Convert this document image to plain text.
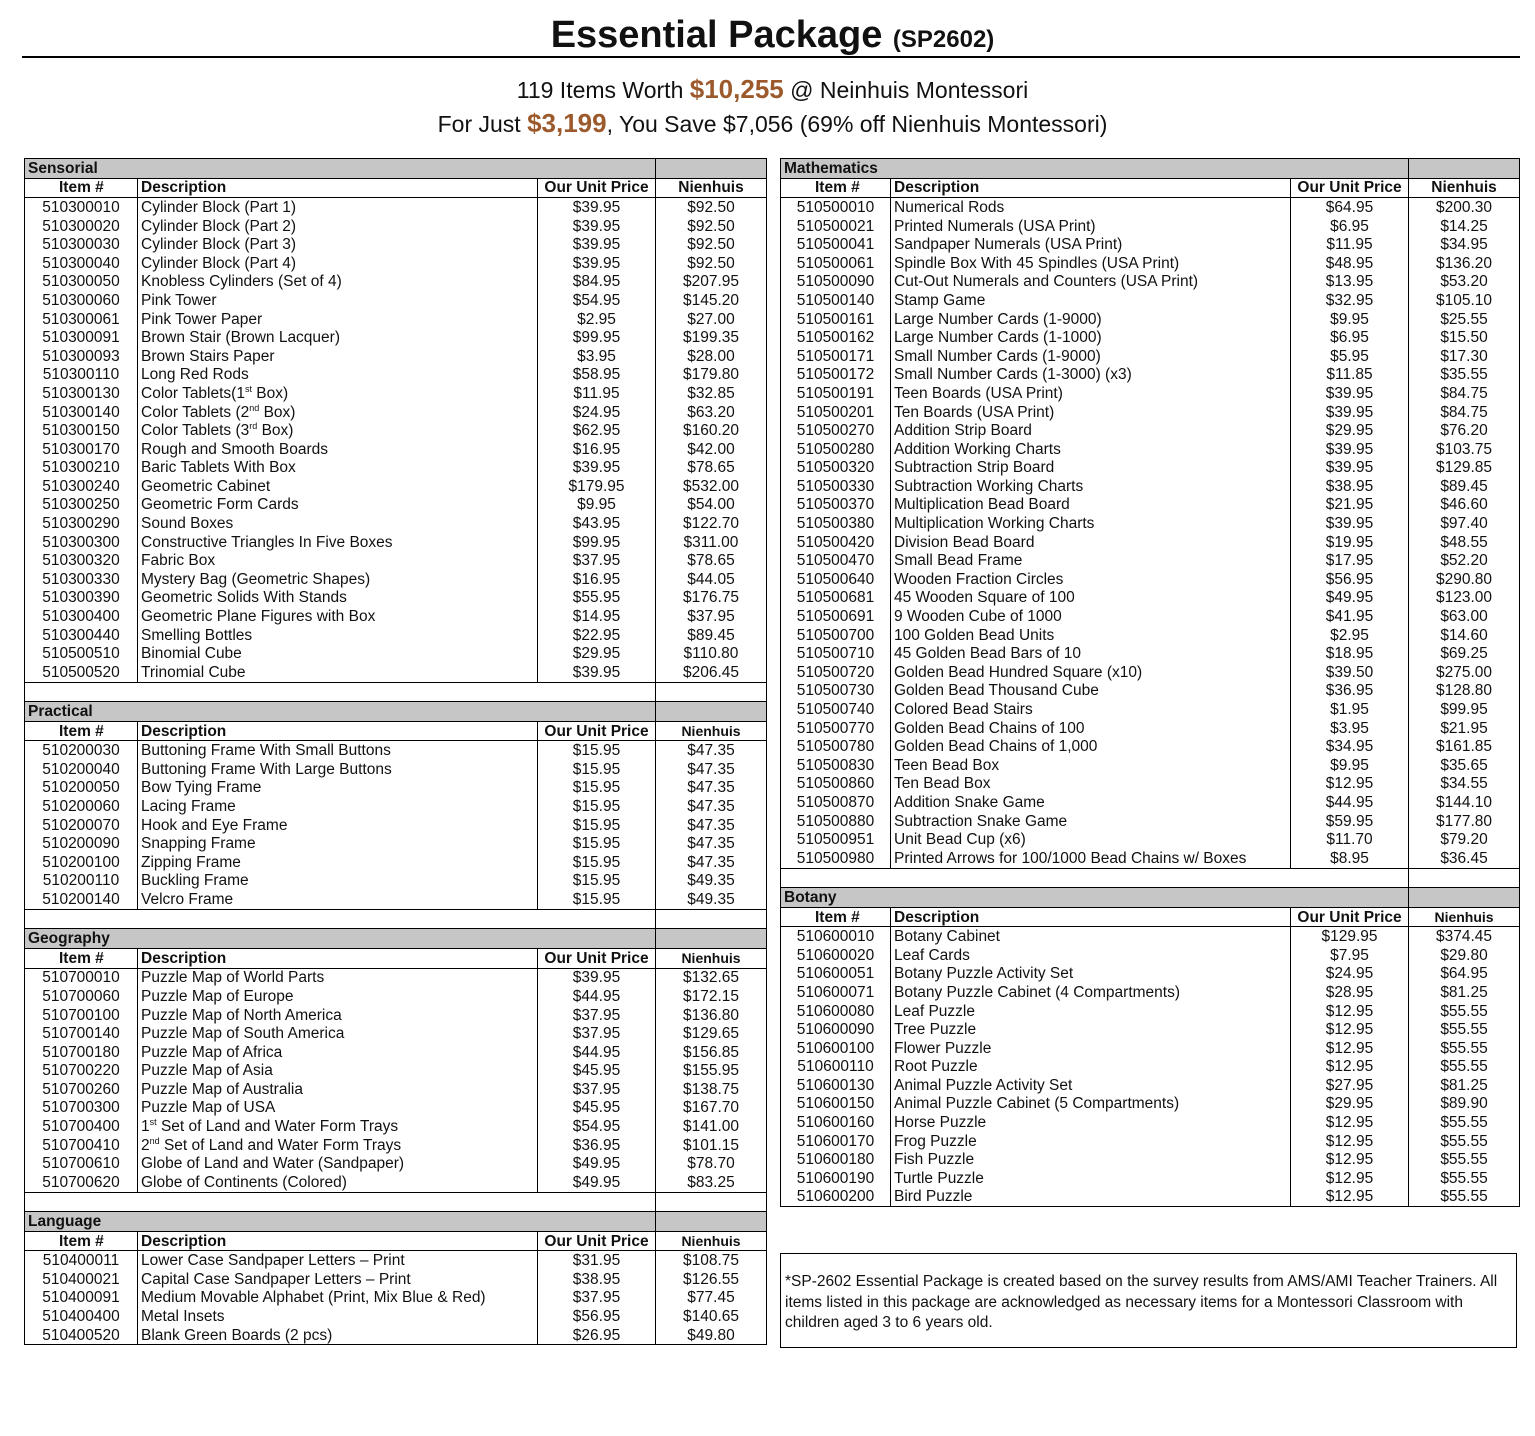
Essential Package (SP2602)
119 Items Worth $10,255 @ Neinhuis Montessori
For Just $3,199, You Save $7,056 (69% off Nienhuis Montessori)
Sensorial			
Item #	Description	Our Unit Price	Nienhuis
510300010	Cylinder Block (Part 1)	$39.95	$92.50
510300020	Cylinder Block (Part 2)	$39.95	$92.50
510300030	Cylinder Block (Part 3)	$39.95	$92.50
510300040	Cylinder Block (Part 4)	$39.95	$92.50
510300050	Knobless Cylinders (Set of 4)	$84.95	$207.95
510300060	Pink Tower	$54.95	$145.20
510300061	Pink Tower Paper	$2.95	$27.00
510300091	Brown Stair (Brown Lacquer)	$99.95	$199.35
510300093	Brown Stairs Paper	$3.95	$28.00
510300110	Long Red Rods	$58.95	$179.80
510300130	Color Tablets(1st Box)	$11.95	$32.85
510300140	Color Tablets (2nd Box)	$24.95	$63.20
510300150	Color Tablets (3rd Box)	$62.95	$160.20
510300170	Rough and Smooth Boards	$16.95	$42.00
510300210	Baric Tablets With Box	$39.95	$78.65
510300240	Geometric Cabinet	$179.95	$532.00
510300250	Geometric Form Cards	$9.95	$54.00
510300290	Sound Boxes	$43.95	$122.70
510300300	Constructive Triangles In Five Boxes	$99.95	$311.00
510300320	Fabric Box	$37.95	$78.65
510300330	Mystery Bag (Geometric Shapes)	$16.95	$44.05
510300390	Geometric Solids With Stands	$55.95	$176.75
510300400	Geometric Plane Figures with Box	$14.95	$37.95
510300440	Smelling Bottles	$22.95	$89.45
510500510	Binomial Cube	$29.95	$110.80
510500520	Trinomial Cube	$39.95	$206.45

Practical			
Item #	Description	Our Unit Price	Nienhuis
510200030	Buttoning Frame With Small Buttons	$15.95	$47.35
510200040	Buttoning Frame With Large Buttons	$15.95	$47.35
510200050	Bow Tying Frame	$15.95	$47.35
510200060	Lacing Frame	$15.95	$47.35
510200070	Hook and Eye Frame	$15.95	$47.35
510200090	Snapping Frame	$15.95	$47.35
510200100	Zipping Frame	$15.95	$47.35
510200110	Buckling Frame	$15.95	$49.35
510200140	Velcro Frame	$15.95	$49.35

Geography			
Item #	Description	Our Unit Price	Nienhuis
510700010	Puzzle Map of World Parts	$39.95	$132.65
510700060	Puzzle Map of Europe	$44.95	$172.15
510700100	Puzzle Map of North America	$37.95	$136.80
510700140	Puzzle Map of South America	$37.95	$129.65
510700180	Puzzle Map of Africa	$44.95	$156.85
510700220	Puzzle Map of Asia	$45.95	$155.95
510700260	Puzzle Map of Australia	$37.95	$138.75
510700300	Puzzle Map of USA	$45.95	$167.70
510700400	1st Set of Land and Water Form Trays	$54.95	$141.00
510700410	2nd Set of Land and Water Form Trays	$36.95	$101.15
510700610	Globe of Land and Water (Sandpaper)	$49.95	$78.70
510700620	Globe of Continents (Colored)	$49.95	$83.25

Language			
Item #	Description	Our Unit Price	Nienhuis
510400011	Lower Case Sandpaper Letters – Print	$31.95	$108.75
510400021	Capital Case Sandpaper Letters – Print	$38.95	$126.55
510400091	Medium Movable Alphabet (Print, Mix Blue & Red)	$37.95	$77.45
510400400	Metal Insets	$56.95	$140.65
510400520	Blank Green Boards (2 pcs)	$26.95	$49.80
Mathematics			
Item #	Description	Our Unit Price	Nienhuis
510500010	Numerical Rods	$64.95	$200.30
510500021	Printed Numerals (USA Print)	$6.95	$14.25
510500041	Sandpaper Numerals (USA Print)	$11.95	$34.95
510500061	Spindle Box With 45 Spindles (USA Print)	$48.95	$136.20
510500090	Cut-Out Numerals and Counters (USA Print)	$13.95	$53.20
510500140	Stamp Game	$32.95	$105.10
510500161	Large Number Cards (1-9000)	$9.95	$25.55
510500162	Large Number Cards (1-1000)	$6.95	$15.50
510500171	Small Number Cards (1-9000)	$5.95	$17.30
510500172	Small Number Cards (1-3000) (x3)	$11.85	$35.55
510500191	Teen Boards (USA Print)	$39.95	$84.75
510500201	Ten Boards (USA Print)	$39.95	$84.75
510500270	Addition Strip Board	$29.95	$76.20
510500280	Addition Working Charts	$39.95	$103.75
510500320	Subtraction Strip Board	$39.95	$129.85
510500330	Subtraction Working Charts	$38.95	$89.45
510500370	Multiplication Bead Board	$21.95	$46.60
510500380	Multiplication Working Charts	$39.95	$97.40
510500420	Division Bead Board	$19.95	$48.55
510500470	Small Bead Frame	$17.95	$52.20
510500640	Wooden Fraction Circles	$56.95	$290.80
510500681	45 Wooden Square of 100	$49.95	$123.00
510500691	9 Wooden Cube of 1000	$41.95	$63.00
510500700	100 Golden Bead Units	$2.95	$14.60
510500710	45 Golden Bead Bars of 10	$18.95	$69.25
510500720	Golden Bead Hundred Square (x10)	$39.50	$275.00
510500730	Golden Bead Thousand Cube	$36.95	$128.80
510500740	Colored Bead Stairs	$1.95	$99.95
510500770	Golden Bead Chains of 100	$3.95	$21.95
510500780	Golden Bead Chains of 1,000	$34.95	$161.85
510500830	Teen Bead Box	$9.95	$35.65
510500860	Ten Bead Box	$12.95	$34.55
510500870	Addition Snake Game	$44.95	$144.10
510500880	Subtraction Snake Game	$59.95	$177.80
510500951	Unit Bead Cup (x6)	$11.70	$79.20
510500980	Printed Arrows for 100/1000 Bead Chains w/ Boxes	$8.95	$36.45

Botany			
Item #	Description	Our Unit Price	Nienhuis
510600010	Botany Cabinet	$129.95	$374.45
510600020	Leaf Cards	$7.95	$29.80
510600051	Botany Puzzle Activity Set	$24.95	$64.95
510600071	Botany Puzzle Cabinet (4 Compartments)	$28.95	$81.25
510600080	Leaf Puzzle	$12.95	$55.55
510600090	Tree Puzzle	$12.95	$55.55
510600100	Flower Puzzle	$12.95	$55.55
510600110	Root Puzzle	$12.95	$55.55
510600130	Animal Puzzle Activity Set	$27.95	$81.25
510600150	Animal Puzzle Cabinet (5 Compartments)	$29.95	$89.90
510600160	Horse Puzzle	$12.95	$55.55
510600170	Frog Puzzle	$12.95	$55.55
510600180	Fish Puzzle	$12.95	$55.55
510600190	Turtle Puzzle	$12.95	$55.55
510600200	Bird Puzzle	$12.95	$55.55
*SP-2602 Essential Package is created based on the survey results from AMS/AMI Teacher Trainers. All items listed in this package are acknowledged as necessary items for a Montessori Classroom with children aged 3 to 6 years old.
